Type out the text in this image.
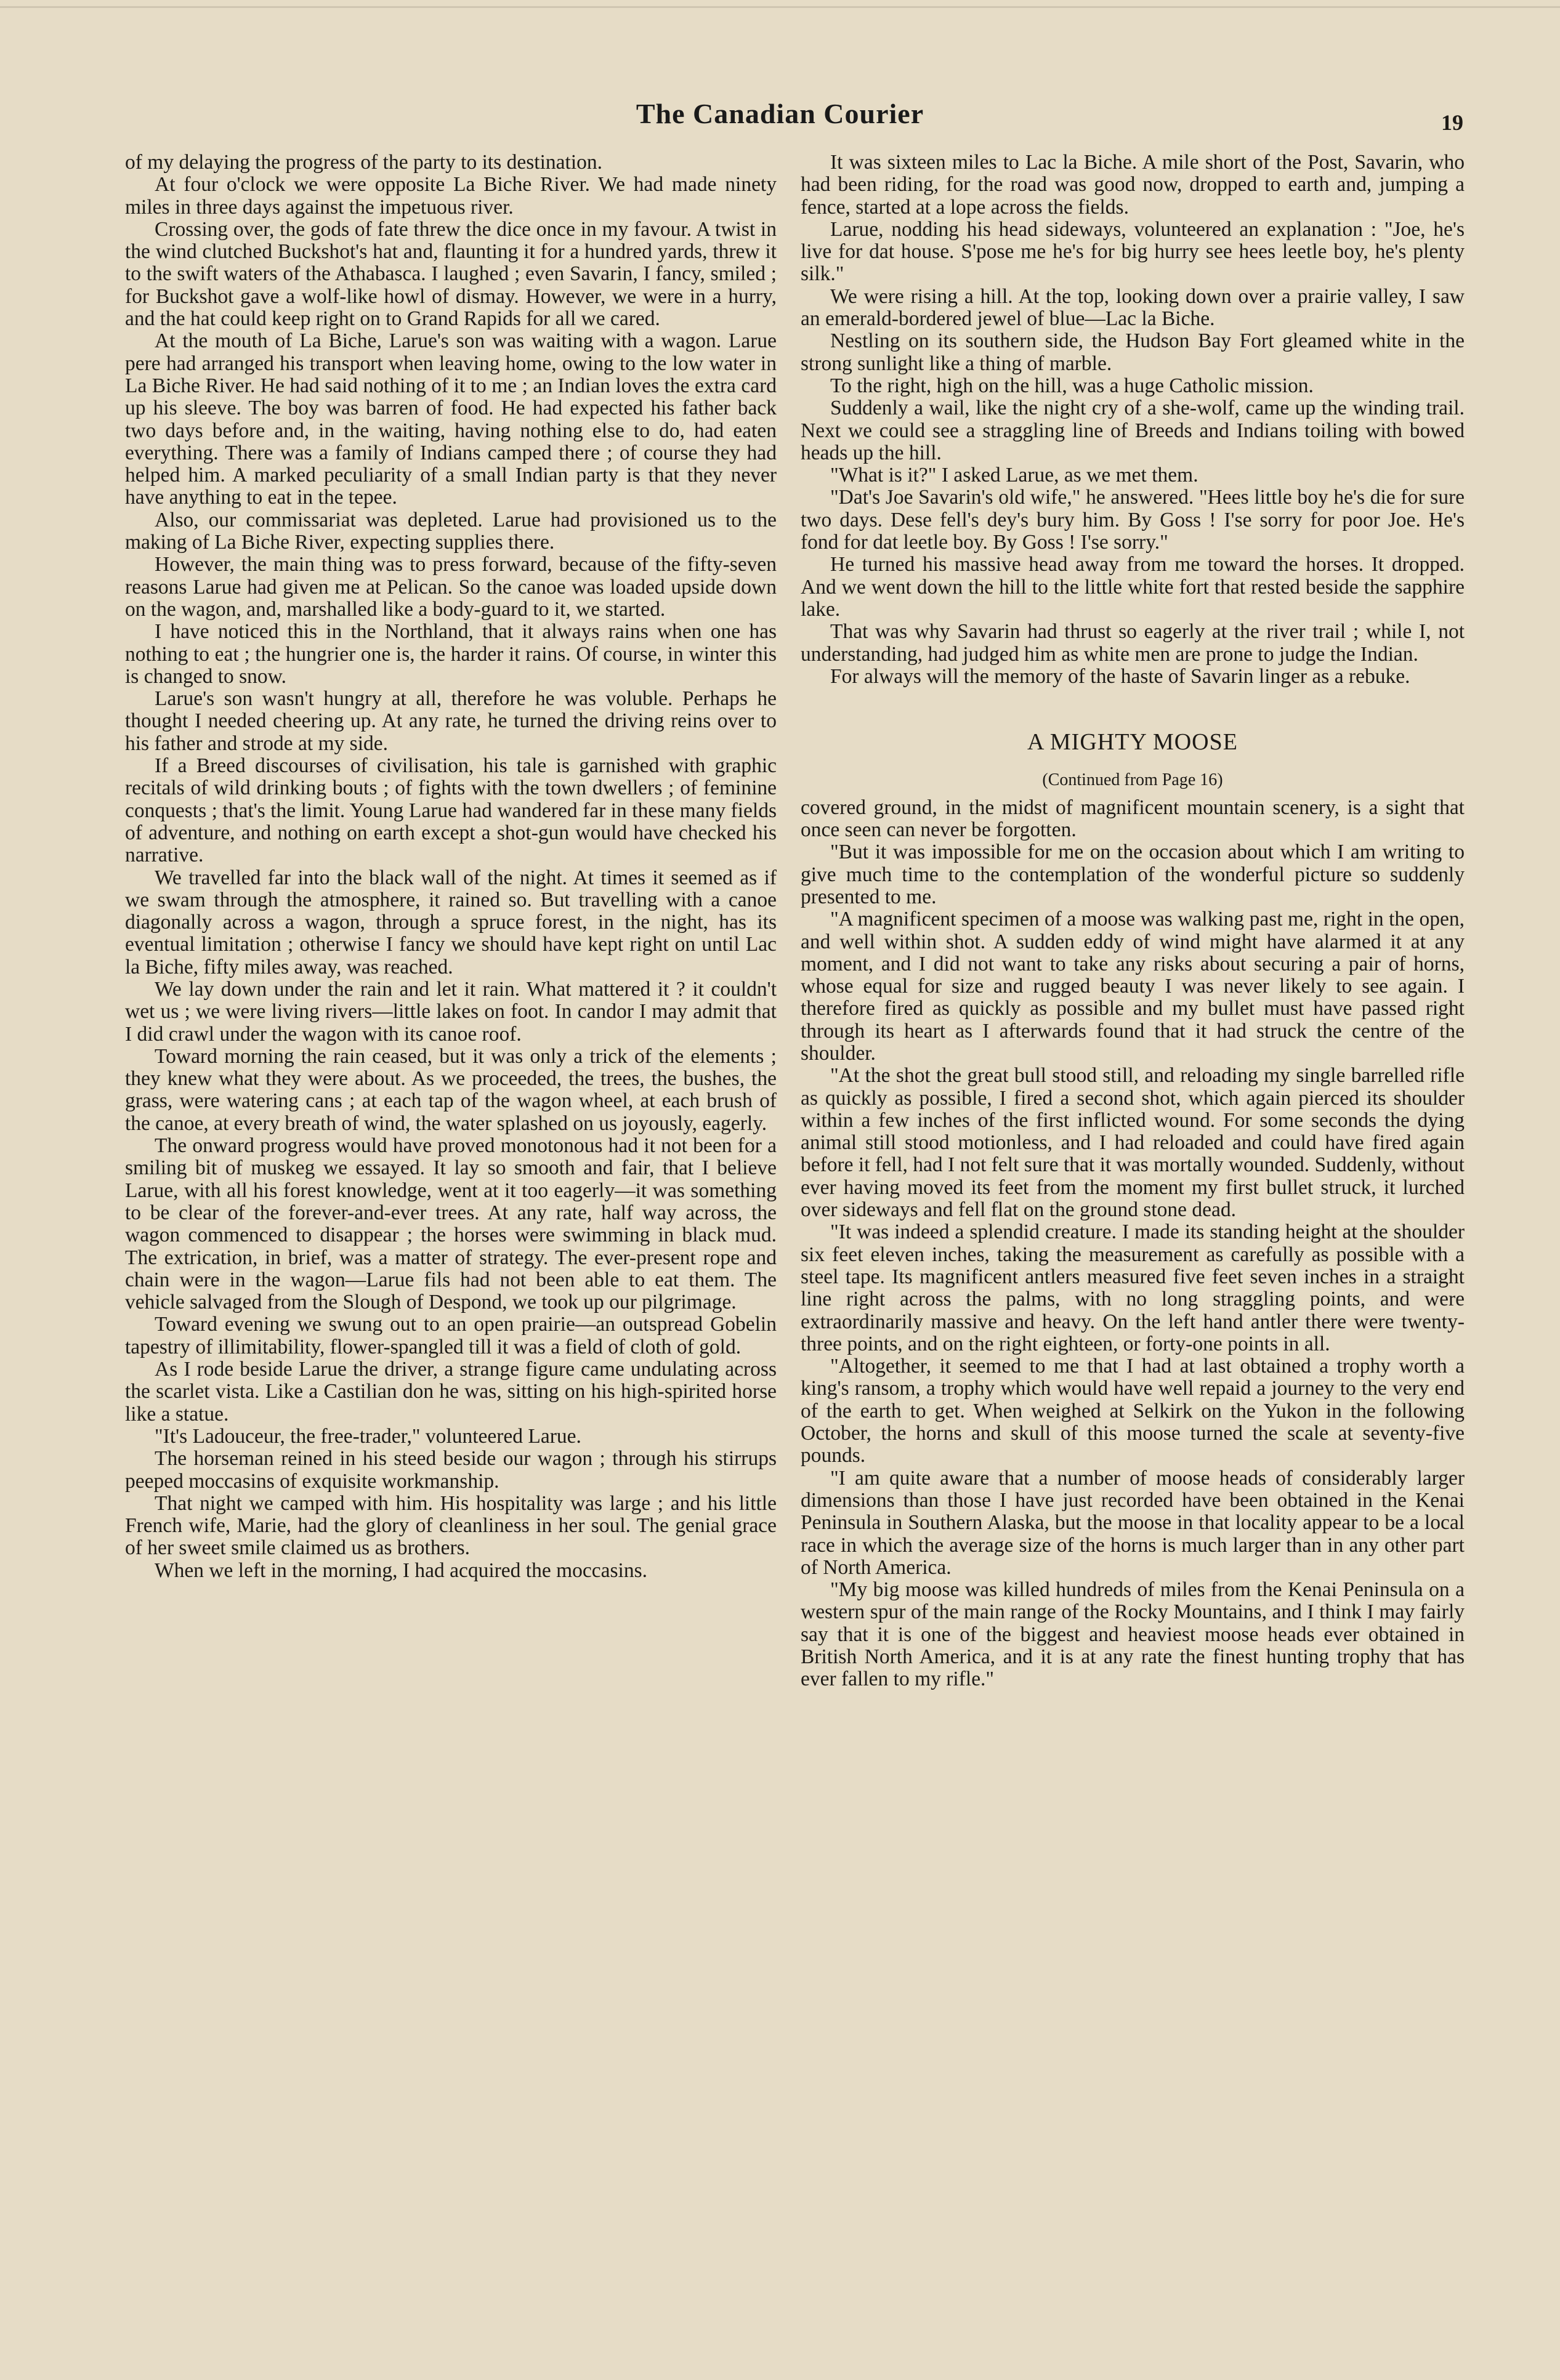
The Canadian Courier	19

of my delaying the progress of the party to its destination.

At four o'clock we were opposite La Biche River. We had made ninety miles in three days against the impetuous river.

Crossing over, the gods of fate threw the dice once in my favour. A twist in the wind clutched Buckshot's hat and, flaunting it for a hundred yards, threw it to the swift waters of the Athabasca. I laughed ; even Savarin, I fancy, smiled ; for Buckshot gave a wolf-like howl of dismay. However, we were in a hurry, and the hat could keep right on to Grand Rapids for all we cared.

At the mouth of La Biche, Larue's son was waiting with a wagon. Larue pere had arranged his transport when leaving home, owing to the low water in La Biche River. He had said nothing of it to me ; an Indian loves the extra card up his sleeve. The boy was barren of food. He had expected his father back two days before and, in the waiting, having nothing else to do, had eaten everything. There was a family of Indians camped there ; of course they had helped him. A marked peculiarity of a small Indian party is that they never have anything to eat in the tepee.

Also, our commissariat was depleted. Larue had provisioned us to the making of La Biche River, expecting supplies there.

However, the main thing was to press forward, because of the fifty-seven reasons Larue had given me at Pelican. So the canoe was loaded upside down on the wagon, and, marshalled like a body-guard to it, we started.

I have noticed this in the Northland, that it always rains when one has nothing to eat ; the hungrier one is, the harder it rains. Of course, in winter this is changed to snow.

Larue's son wasn't hungry at all, therefore he was voluble. Perhaps he thought I needed cheering up. At any rate, he turned the driving reins over to his father and strode at my side.

If a Breed discourses of civilisation, his tale is garnished with graphic recitals of wild drinking bouts ; of fights with the town dwellers ; of feminine conquests ; that's the limit. Young Larue had wandered far in these many fields of adventure, and nothing on earth except a shot-gun would have checked his narrative.

We travelled far into the black wall of the night. At times it seemed as if we swam through the atmosphere, it rained so. But travelling with a canoe diagonally across a wagon, through a spruce forest, in the night, has its eventual limitation ; otherwise I fancy we should have kept right on until Lac la Biche, fifty miles away, was reached.

We lay down under the rain and let it rain. What mattered it ? it couldn't wet us ; we were living rivers—little lakes on foot. In candor I may admit that I did crawl under the wagon with its canoe roof.

Toward morning the rain ceased, but it was only a trick of the elements ; they knew what they were about. As we proceeded, the trees, the bushes, the grass, were watering cans ; at each tap of the wagon wheel, at each brush of the canoe, at every breath of wind, the water splashed on us joyously, eagerly.

The onward progress would have proved monotonous had it not been for a smiling bit of muskeg we essayed. It lay so smooth and fair, that I believe Larue, with all his forest knowledge, went at it too eagerly—it was something to be clear of the forever-and-ever trees. At any rate, half way across, the wagon commenced to disappear ; the horses were swimming in black mud. The extrication, in brief, was a matter of strategy. The ever-present rope and chain were in the wagon—Larue fils had not been able to eat them. The vehicle salvaged from the Slough of Despond, we took up our pilgrimage.

Toward evening we swung out to an open prairie—an outspread Gobelin tapestry of illimitability, flower-spangled till it was a field of cloth of gold.

As I rode beside Larue the driver, a strange figure came undulating across the scarlet vista. Like a Castilian don he was, sitting on his high-spirited horse like a statue.

"It's Ladouceur, the free-trader," volunteered Larue.

The horseman reined in his steed beside our wagon ; through his stirrups peeped moccasins of exquisite workmanship.

That night we camped with him. His hospitality was large ; and his little French wife, Marie, had the glory of cleanliness in her soul. The genial grace of her sweet smile claimed us as brothers.

When we left in the morning, I had acquired the moccasins.

It was sixteen miles to Lac la Biche. A mile short of the Post, Savarin, who had been riding, for the road was good now, dropped to earth and, jumping a fence, started at a lope across the fields.

Larue, nodding his head sideways, volunteered an explanation : "Joe, he's live for dat house. S'pose me he's for big hurry see hees leetle boy, he's plenty silk."

We were rising a hill. At the top, looking down over a prairie valley, I saw an emerald-bordered jewel of blue—Lac la Biche.

Nestling on its southern side, the Hudson Bay Fort gleamed white in the strong sunlight like a thing of marble.

To the right, high on the hill, was a huge Catholic mission.

Suddenly a wail, like the night cry of a she-wolf, came up the winding trail. Next we could see a straggling line of Breeds and Indians toiling with bowed heads up the hill.

"What is it?" I asked Larue, as we met them.

"Dat's Joe Savarin's old wife," he answered. "Hees little boy he's die for sure two days. Dese fell's dey's bury him. By Goss ! I'se sorry for poor Joe. He's fond for dat leetle boy. By Goss ! I'se sorry."

He turned his massive head away from me toward the horses. It dropped. And we went down the hill to the little white fort that rested beside the sapphire lake.

That was why Savarin had thrust so eagerly at the river trail ; while I, not understanding, had judged him as white men are prone to judge the Indian.

For always will the memory of the haste of Savarin linger as a rebuke.

A MIGHTY MOOSE
(Continued from Page 16)

covered ground, in the midst of magnificent mountain scenery, is a sight that once seen can never be forgotten.

"But it was impossible for me on the occasion about which I am writing to give much time to the contemplation of the wonderful picture so suddenly presented to me.

"A magnificent specimen of a moose was walking past me, right in the open, and well within shot. A sudden eddy of wind might have alarmed it at any moment, and I did not want to take any risks about securing a pair of horns, whose equal for size and rugged beauty I was never likely to see again. I therefore fired as quickly as possible and my bullet must have passed right through its heart as I afterwards found that it had struck the centre of the shoulder.

"At the shot the great bull stood still, and reloading my single barrelled rifle as quickly as possible, I fired a second shot, which again pierced its shoulder within a few inches of the first inflicted wound. For some seconds the dying animal still stood motionless, and I had reloaded and could have fired again before it fell, had I not felt sure that it was mortally wounded. Suddenly, without ever having moved its feet from the moment my first bullet struck, it lurched over sideways and fell flat on the ground stone dead.

"It was indeed a splendid creature. I made its standing height at the shoulder six feet eleven inches, taking the measurement as carefully as possible with a steel tape. Its magnificent antlers measured five feet seven inches in a straight line right across the palms, with no long straggling points, and were extraordinarily massive and heavy. On the left hand antler there were twenty-three points, and on the right eighteen, or forty-one points in all.

"Altogether, it seemed to me that I had at last obtained a trophy worth a king's ransom, a trophy which would have well repaid a journey to the very end of the earth to get. When weighed at Selkirk on the Yukon in the following October, the horns and skull of this moose turned the scale at seventy-five pounds.

"I am quite aware that a number of moose heads of considerably larger dimensions than those I have just recorded have been obtained in the Kenai Peninsula in Southern Alaska, but the moose in that locality appear to be a local race in which the average size of the horns is much larger than in any other part of North America.

"My big moose was killed hundreds of miles from the Kenai Peninsula on a western spur of the main range of the Rocky Mountains, and I think I may fairly say that it is one of the biggest and heaviest moose heads ever obtained in British North America, and it is at any rate the finest hunting trophy that has ever fallen to my rifle."
